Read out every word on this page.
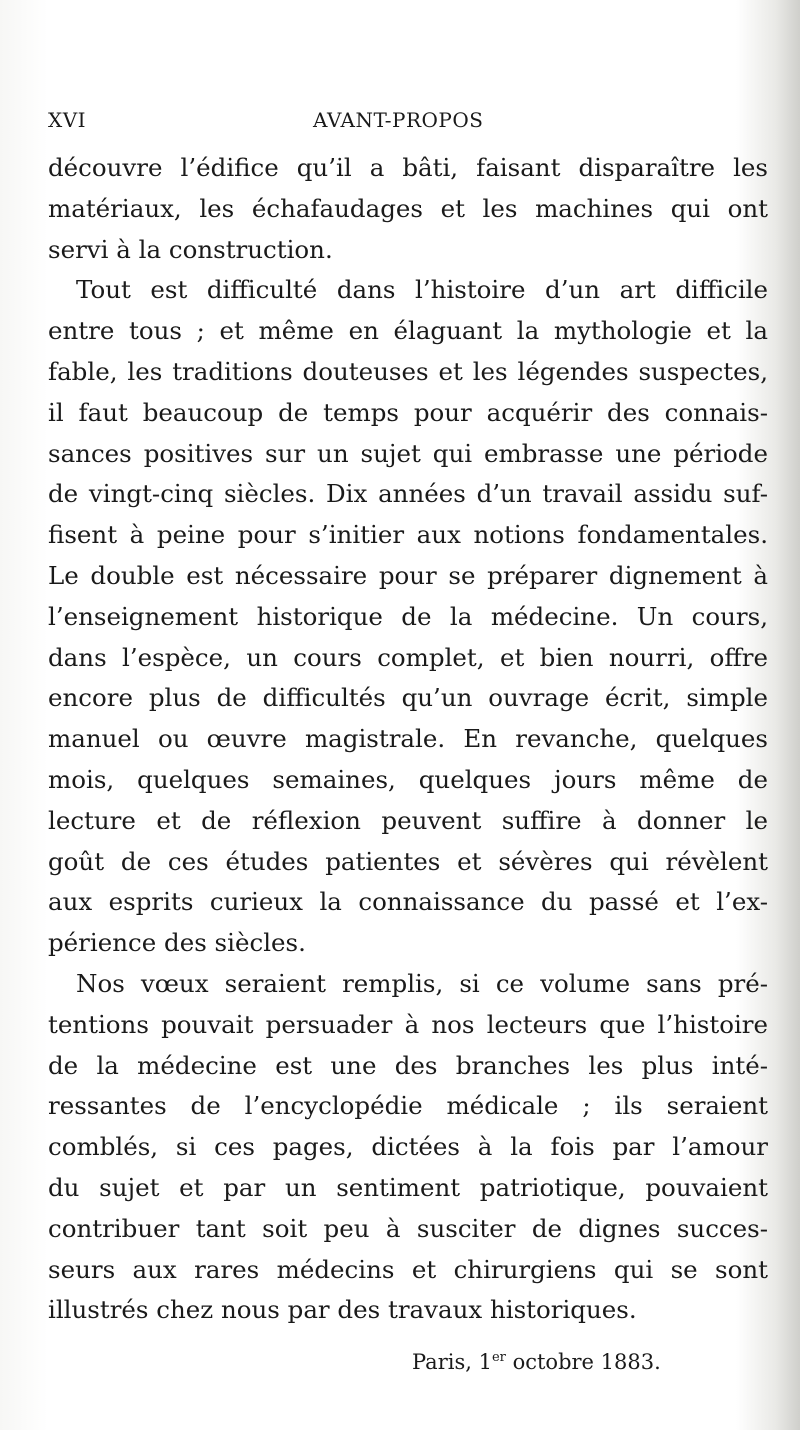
XVI	AVANT-PROPOS
découvre l’édifice qu’il a bâti, faisant disparaître les
matériaux, les échafaudages et les machines qui ont
servi à la construction.
Tout est difficulté dans l’histoire d’un art difficile
entre tous ; et même en élaguant la mythologie et la
fable, les traditions douteuses et les légendes suspectes,
il faut beaucoup de temps pour acquérir des connais-
sances positives sur un sujet qui embrasse une période
de vingt-cinq siècles. Dix années d’un travail assidu suf-
fisent à peine pour s’initier aux notions fondamentales.
Le double est nécessaire pour se préparer dignement à
l’enseignement historique de la médecine. Un cours,
dans l’espèce, un cours complet, et bien nourri, offre
encore plus de difficultés qu’un ouvrage écrit, simple
manuel ou œuvre magistrale. En revanche, quelques
mois, quelques semaines, quelques jours même de
lecture et de réflexion peuvent suffire à donner le
goût de ces études patientes et sévères qui révèlent
aux esprits curieux la connaissance du passé et l’ex-
périence des siècles.
Nos vœux seraient remplis, si ce volume sans pré-
tentions pouvait persuader à nos lecteurs que l’histoire
de la médecine est une des branches les plus inté-
ressantes de l’encyclopédie médicale ; ils seraient
comblés, si ces pages, dictées à la fois par l’amour
du sujet et par un sentiment patriotique, pouvaient
contribuer tant soit peu à susciter de dignes succes-
seurs aux rares médecins et chirurgiens qui se sont
illustrés chez nous par des travaux historiques.
Paris, 1er octobre 1883.
